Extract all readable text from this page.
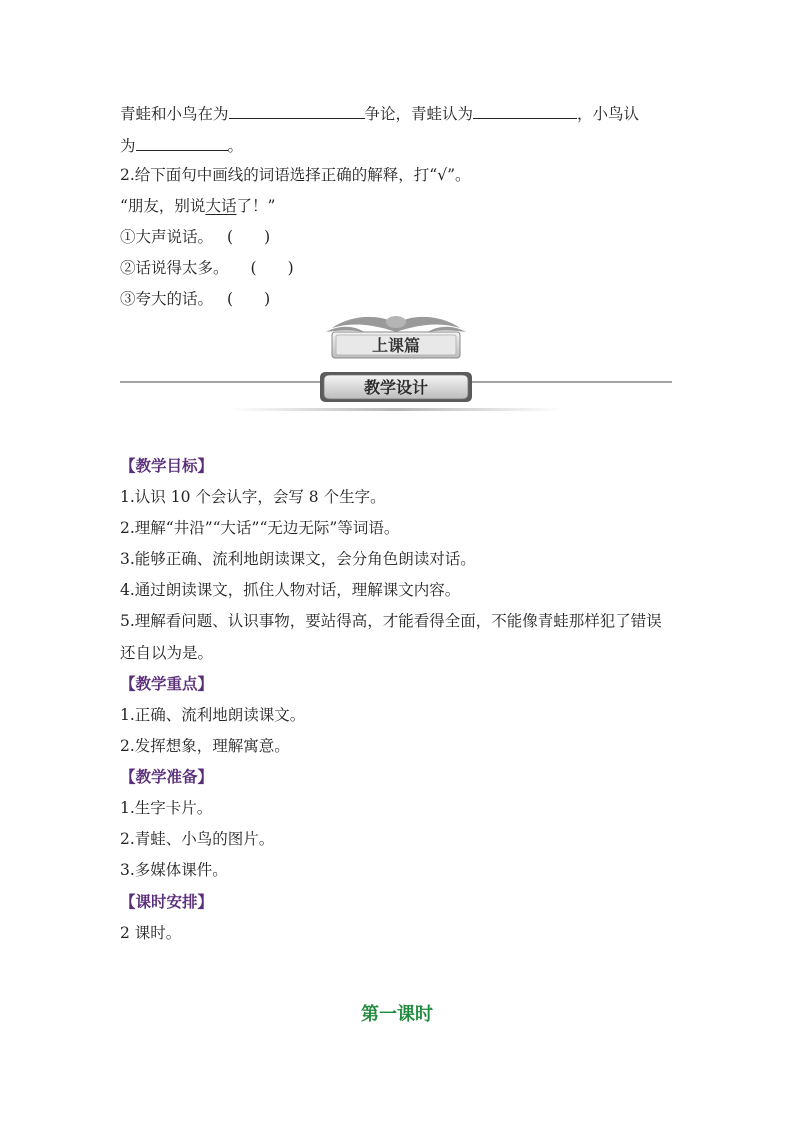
青蛙和小鸟在为	争论，青蛙认为	，小鸟认
为	。
2.给下面句中画线的词语选择正确的解释，打“√”。
“朋友，别说大话了！”
①大声说话。 (　　)
②话说得太多。 (　　)
③夸大的话。 (　　)
上课篇
教学设计
【教学目标】
1.认识 10 个会认字，会写 8 个生字。
2.理解“井沿”“大话”“无边无际”等词语。
3.能够正确、流利地朗读课文，会分角色朗读对话。
4.通过朗读课文，抓住人物对话，理解课文内容。
5.理解看问题、认识事物，要站得高，才能看得全面，不能像青蛙那样犯了错误
还自以为是。
【教学重点】
1.正确、流利地朗读课文。
2.发挥想象，理解寓意。
【教学准备】
1.生字卡片。
2.青蛙、小鸟的图片。
3.多媒体课件。
【课时安排】
2 课时。
第一课时
